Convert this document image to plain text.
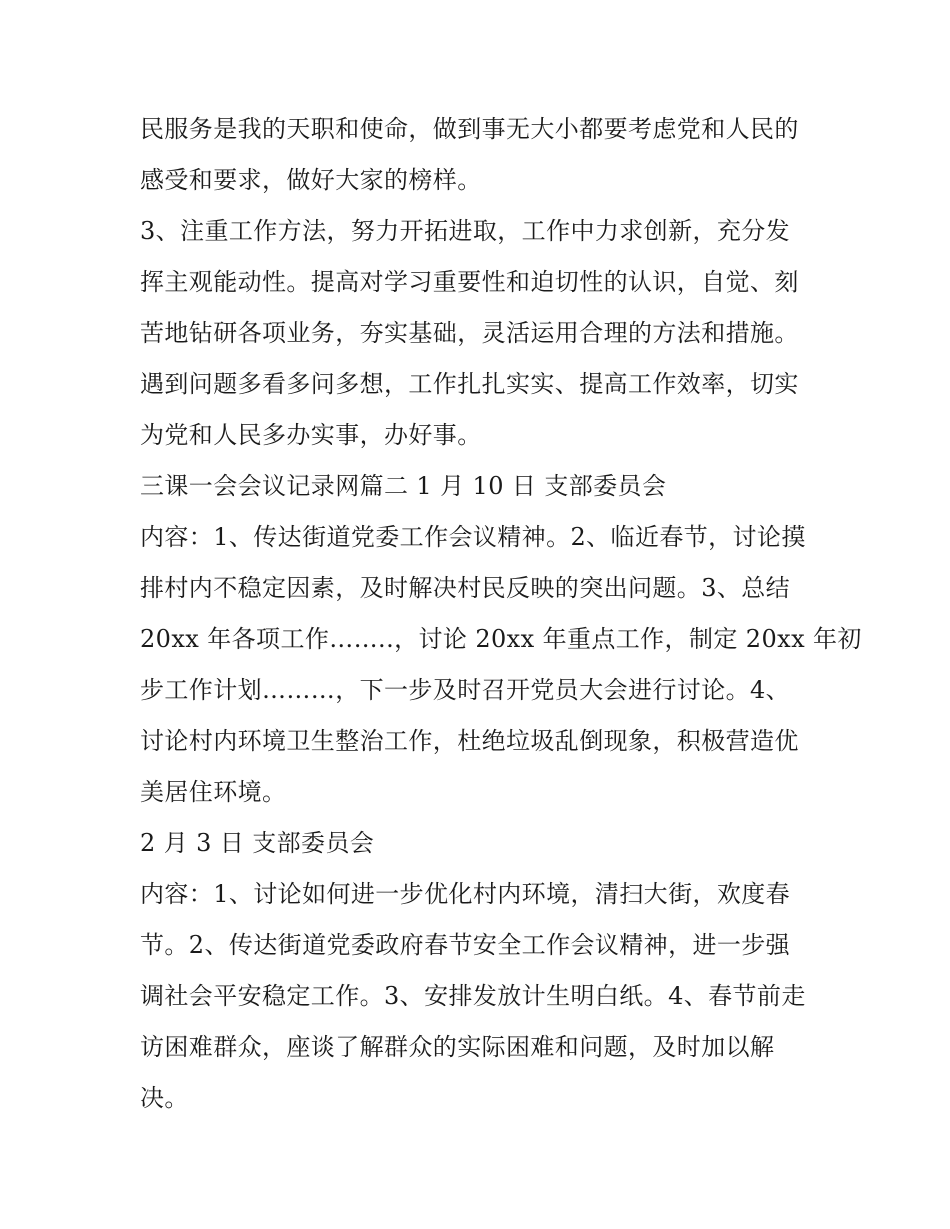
民服务是我的天职和使命，做到事无大小都要考虑党和人民的
感受和要求，做好大家的榜样。
3、注重工作方法，努力开拓进取，工作中力求创新，充分发
挥主观能动性。提高对学习重要性和迫切性的认识，自觉、刻
苦地钻研各项业务，夯实基础，灵活运用合理的方法和措施。
遇到问题多看多问多想，工作扎扎实实、提高工作效率，切实
为党和人民多办实事，办好事。
三课一会会议记录网篇二 1 月 10 日 支部委员会
内容：1、传达街道党委工作会议精神。2、临近春节，讨论摸
排村内不稳定因素，及时解决村民反映的突出问题。3、总结
20xx 年各项工作……..，讨论 20xx 年重点工作，制定 20xx 年初
步工作计划………，下一步及时召开党员大会进行讨论。4、
讨论村内环境卫生整治工作，杜绝垃圾乱倒现象，积极营造优
美居住环境。
2 月 3 日 支部委员会
内容：1、讨论如何进一步优化村内环境，清扫大街，欢度春
节。2、传达街道党委政府春节安全工作会议精神，进一步强
调社会平安稳定工作。3、安排发放计生明白纸。4、春节前走
访困难群众，座谈了解群众的实际困难和问题，及时加以解
决。
